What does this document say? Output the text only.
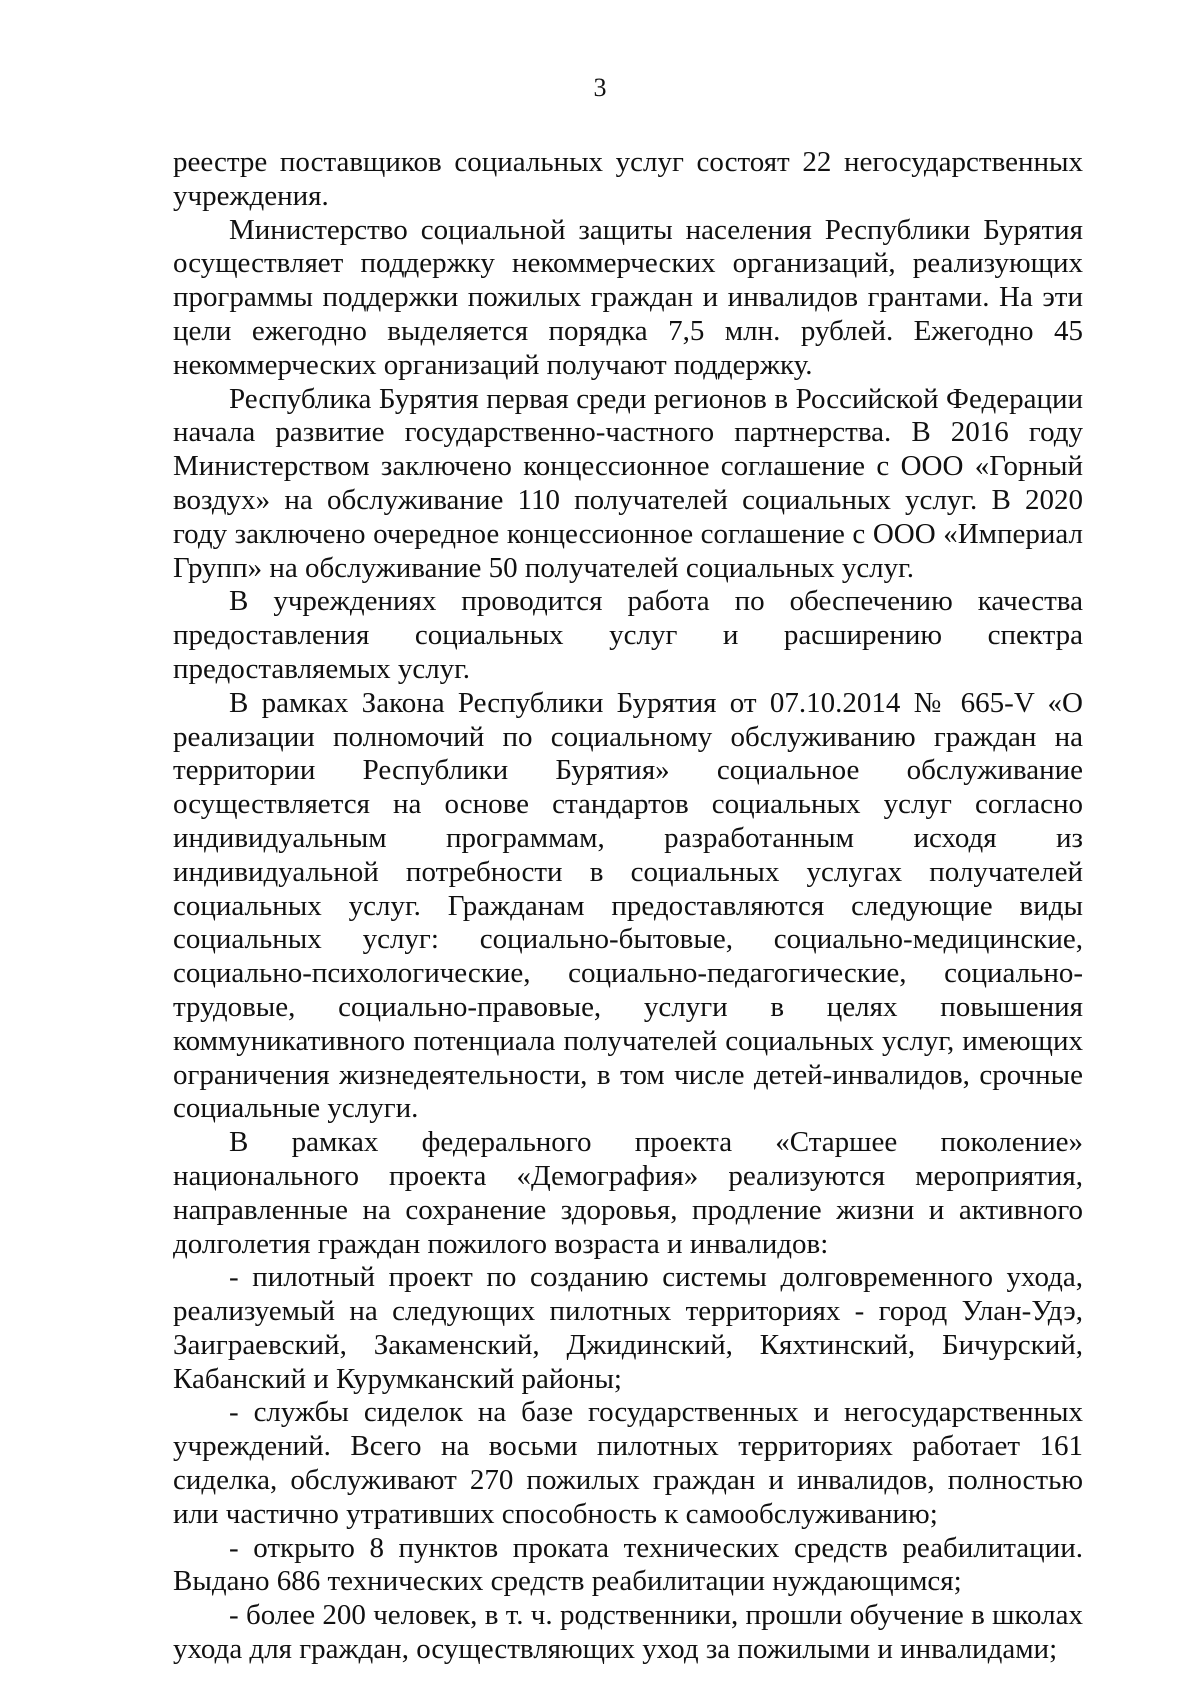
3

реестре поставщиков социальных услуг состоят 22 негосударственных учреждения.

Министерство социальной защиты населения Республики Бурятия осуществляет поддержку некоммерческих организаций, реализующих программы поддержки пожилых граждан и инвалидов грантами. На эти цели ежегодно выделяется порядка 7,5 млн. рублей. Ежегодно 45 некоммерческих организаций получают поддержку.

Республика Бурятия первая среди регионов в Российской Федерации начала развитие государственно-частного партнерства. В 2016 году Министерством заключено концессионное соглашение с ООО «Горный воздух» на обслуживание 110 получателей социальных услуг. В 2020 году заключено очередное концессионное соглашение с ООО «Империал Групп» на обслуживание 50 получателей социальных услуг.

В учреждениях проводится работа по обеспечению качества предоставления социальных услуг и расширению спектра предоставляемых услуг.

В рамках Закона Республики Бурятия от 07.10.2014 № 665-V «О реализации полномочий по социальному обслуживанию граждан на территории Республики Бурятия» социальное обслуживание осуществляется на основе стандартов социальных услуг согласно индивидуальным программам, разработанным исходя из индивидуальной потребности в социальных услугах получателей социальных услуг. Гражданам предоставляются следующие виды социальных услуг: социально-бытовые, социально-медицинские, социально-психологические, социально-педагогические, социально-трудовые, социально-правовые, услуги в целях повышения коммуникативного потенциала получателей социальных услуг, имеющих ограничения жизнедеятельности, в том числе детей-инвалидов, срочные социальные услуги.

В рамках федерального проекта «Старшее поколение» национального проекта «Демография» реализуются мероприятия, направленные на сохранение здоровья, продление жизни и активного долголетия граждан пожилого возраста и инвалидов:

- пилотный проект по созданию системы долговременного ухода, реализуемый на следующих пилотных территориях - город Улан-Удэ, Заиграевский, Закаменский, Джидинский, Кяхтинский, Бичурский, Кабанский и Курумканский районы;

- службы сиделок на базе государственных и негосударственных учреждений. Всего на восьми пилотных территориях работает 161 сиделка, обслуживают 270 пожилых граждан и инвалидов, полностью или частично утративших способность к самообслуживанию;

- открыто 8 пунктов проката технических средств реабилитации. Выдано 686 технических средств реабилитации нуждающимся;

- более 200 человек, в т. ч. родственники, прошли обучение в школах ухода для граждан, осуществляющих уход за пожилыми и инвалидами;
